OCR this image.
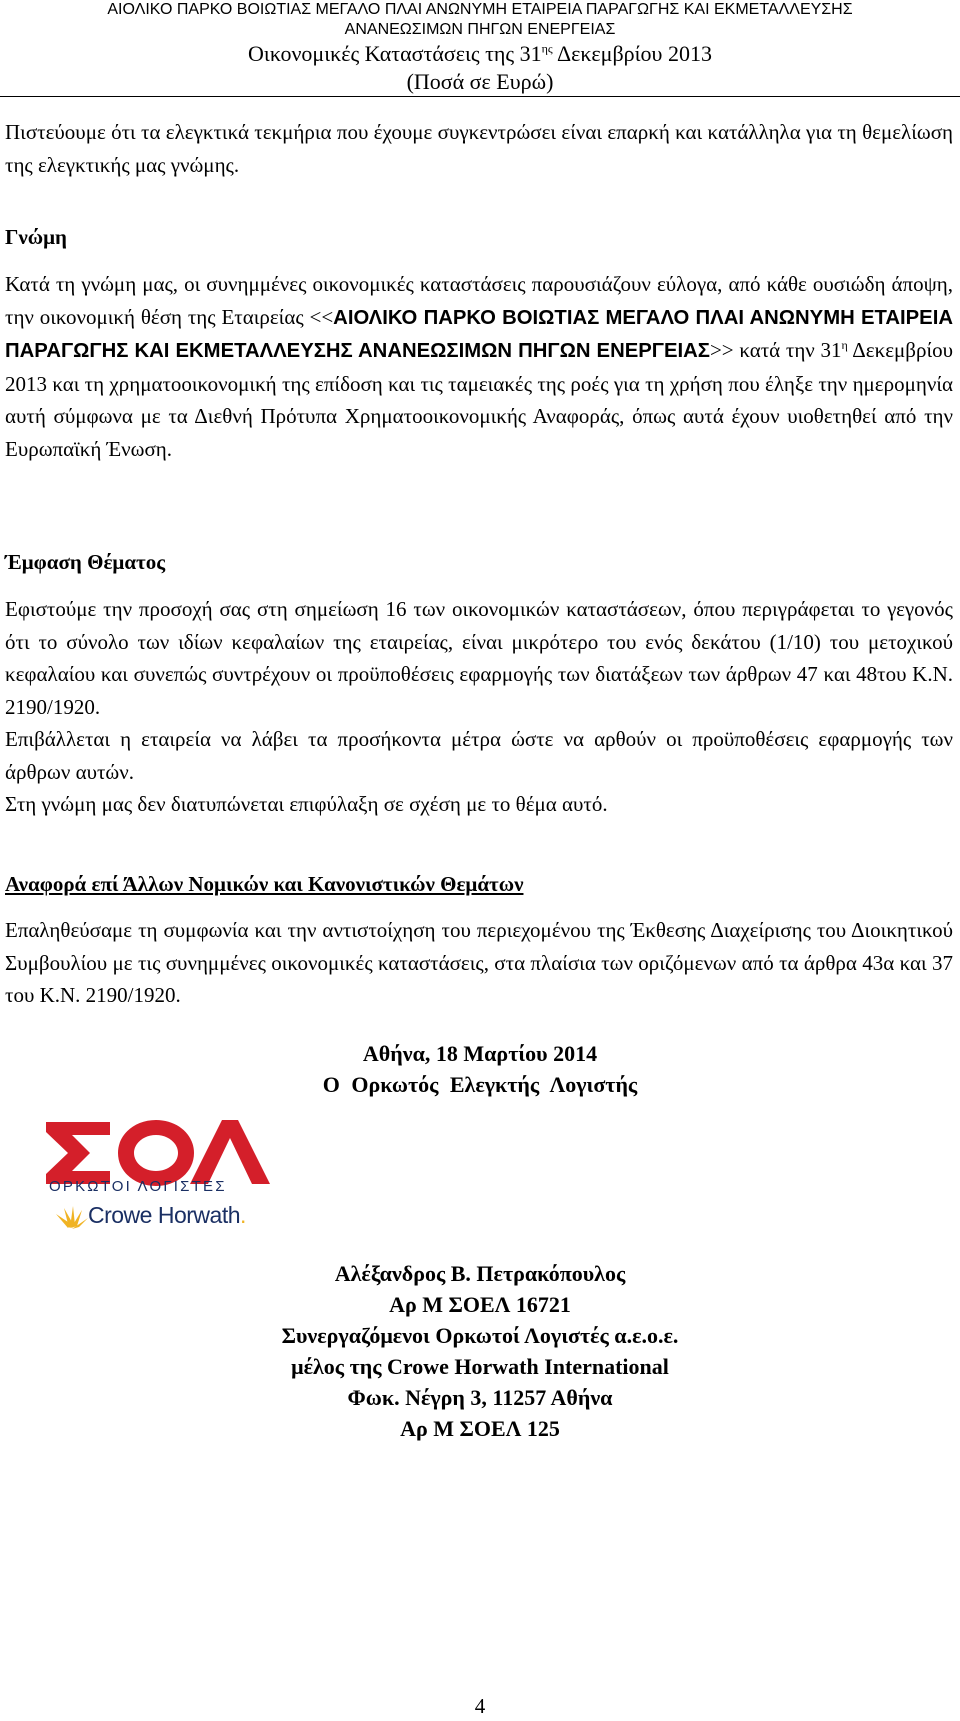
ΑΙΟΛΙΚΟ ΠΑΡΚΟ ΒΟΙΩΤΙΑΣ ΜΕΓΑΛΟ ΠΛΑΙ ΑΝΩΝΥΜΗ ΕΤΑΙΡΕΙΑ ΠΑΡΑΓΩΓΗΣ ΚΑΙ ΕΚΜΕΤΑΛΛΕΥΣΗΣ
ΑΝΑΝΕΩΣΙΜΩΝ ΠΗΓΩΝ ΕΝΕΡΓΕΙΑΣ
Οικονομικές Καταστάσεις της $31^{\eta\varsigma}$ Δεκεμβρίου 2013
(Ποσά σε Ευρώ)
Πιστεύουμε ότι τα ελεγκτικά τεκμήρια που έχουμε συγκεντρώσει είναι επαρκή και κατάλληλα για τη θεμελίωση της ελεγκτικής μας γνώμης.
Γνώμη
Κατά τη γνώμη μας, οι συνημμένες οικονομικές καταστάσεις παρουσιάζουν εύλογα, από κάθε ουσιώδη άποψη, την οικονομική θέση της Εταιρείας <<ΑΙΟΛΙΚΟ ΠΑΡΚΟ ΒΟΙΩΤΙΑΣ ΜΕΓΑΛΟ ΠΛΑΙ ΑΝΩΝΥΜΗ ΕΤΑΙΡΕΙΑ ΠΑΡΑΓΩΓΗΣ ΚΑΙ ΕΚΜΕΤΑΛΛΕΥΣΗΣ ΑΝΑΝΕΩΣΙΜΩΝ ΠΗΓΩΝ ΕΝΕΡΓΕΙΑΣ>> κατά την $31^\eta$ Δεκεμβρίου 2013 και τη χρηματοοικονομική της επίδοση και τις ταμειακές της ροές για τη χρήση που έληξε την ημερομηνία αυτή σύμφωνα με τα Διεθνή Πρότυπα Χρηματοοικονομικής Αναφοράς, όπως αυτά έχουν υιοθετηθεί από την Ευρωπαϊκή Ένωση.
Έμφαση Θέματος
Εφιστούμε την προσοχή σας στη σημείωση 16 των οικονομικών καταστάσεων, όπου περιγράφεται το γεγονός ότι το σύνολο των ιδίων κεφαλαίων της εταιρείας, είναι μικρότερο του ενός δεκάτου (1/10) του μετοχικού κεφαλαίου και συνεπώς συντρέχουν οι προϋποθέσεις εφαρμογής των διατάξεων των άρθρων 47 και 48του Κ.Ν. 2190/1920.
Επιβάλλεται η εταιρεία να λάβει τα προσήκοντα μέτρα ώστε να αρθούν οι προϋποθέσεις εφαρμογής των άρθρων αυτών.
Στη γνώμη μας δεν διατυπώνεται επιφύλαξη σε σχέση με το θέμα αυτό.
Αναφορά επί Άλλων Νομικών και Κανονιστικών Θεμάτων
Επαληθεύσαμε τη συμφωνία και την αντιστοίχηση του περιεχομένου της Έκθεσης Διαχείρισης του Διοικητικού Συμβουλίου με τις συνημμένες οικονομικές καταστάσεις, στα πλαίσια των οριζόμενων από τα άρθρα 43α και 37 του Κ.Ν. 2190/1920.
Αθήνα, 18 Μαρτίου 2014
Ο Ορκωτός Ελεγκτής Λογιστής
ΟΡΚΩΤΟΙ ΛΟΓΙΣΤΕΣ
Crowe Horwath.
Αλέξανδρος Β. Πετρακόπουλος
Αρ Μ ΣΟΕΛ 16721
Συνεργαζόμενοι Ορκωτοί Λογιστές α.ε.ο.ε.
μέλος της Crowe Horwath International
Φωκ. Νέγρη 3, 11257 Αθήνα
Αρ Μ ΣΟΕΛ 125
4
